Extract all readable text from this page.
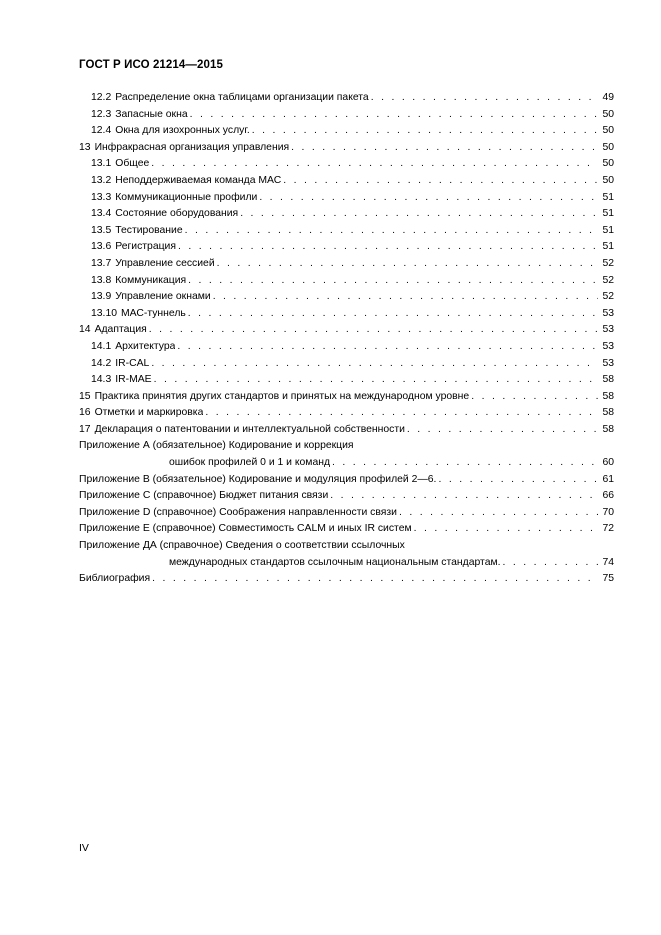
ГОСТ Р ИСО 21214—2015
12.2 Распределение окна таблицами организации пакета . . .	49
12.3 Запасные окна . . .	50
12.4 Окна для изохронных услуг. . . .	50
13 Инфракрасная организация управления . . .	50
13.1 Общее . . .	50
13.2 Неподдерживаемая команда МАС . . .	50
13.3 Коммуникационные профили . . .	51
13.4 Состояние оборудования . . .	51
13.5 Тестирование . . .	51
13.6 Регистрация . . .	51
13.7 Управление сессией . . .	52
13.8 Коммуникация . . .	52
13.9 Управление окнами . . .	52
13.10 МАС-туннель . . .	53
14 Адаптация . . .	53
14.1 Архитектура . . .	53
14.2 IR-CAL . . .	53
14.3 IR-MAE . . .	58
15 Практика принятия других стандартов и принятых на международном уровне . . .	58
16 Отметки и маркировка . . .	58
17 Декларация о патентовании и интеллектуальной собственности . . .	58
Приложение А (обязательное) Кодирование и коррекция
ошибок профилей 0 и 1 и команд . . .	60
Приложение В (обязательное) Кодирование и модуляция профилей 2—6. . . .	61
Приложение С (справочное) Бюджет питания связи . . .	66
Приложение D (справочное) Соображения направленности связи . . .	70
Приложение Е (справочное) Совместимость CALM и иных IR систем . . .	72
Приложение ДА (справочное) Сведения о соответствии ссылочных
международных стандартов ссылочным национальным стандартам. . . .	74
Библиография . . .	75
IV
